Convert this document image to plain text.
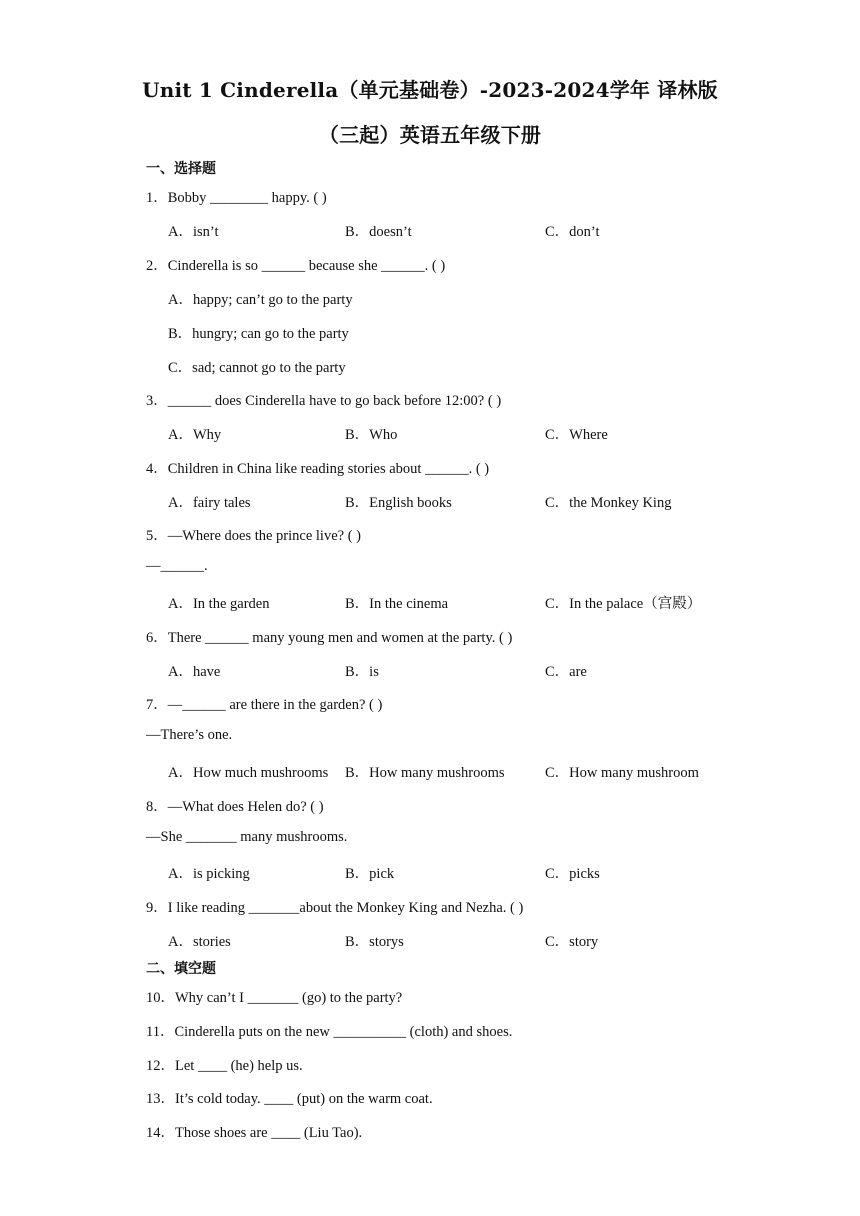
Unit 1 Cinderella（单元基础卷）-2023-2024学年 译林版
（三起）英语五年级下册
一、选择题
1．Bobby ________ happy. ( )
A．isn’t	B．doesn’t	C．don’t
2．Cinderella is so ______ because she ______. ( )
A．happy; can’t go to the party
B．hungry; can go to the party
C．sad; cannot go to the party
3．______ does Cinderella have to go back before 12:00? ( )
A．Why	B．Who	C．Where
4．Children in China like reading stories about ______. ( )
A．fairy tales	B．English books	C．the Monkey King
5．—Where does the prince live? ( )
—______.
A．In the garden	B．In the cinema	C．In the palace（宫殿）
6．There ______ many young men and women at the party. ( )
A．have	B．is	C．are
7．—______ are there in the garden? ( )
—There’s one.
A．How much mushrooms B．How many mushrooms	C．How many mushroom
8．—What does Helen do? ( )
—She _______ many mushrooms.
A．is picking	B．pick	C．picks
9．I like reading _______about the Monkey King and Nezha. ( )
A．stories	B．storys	C．story
二、填空题
10．Why can’t I _______ (go) to the party?
11．Cinderella puts on the new __________ (cloth) and shoes.
12．Let ____ (he) help us.
13．It’s cold today. ____ (put) on the warm coat.
14．Those shoes are ____ (Liu Tao).
